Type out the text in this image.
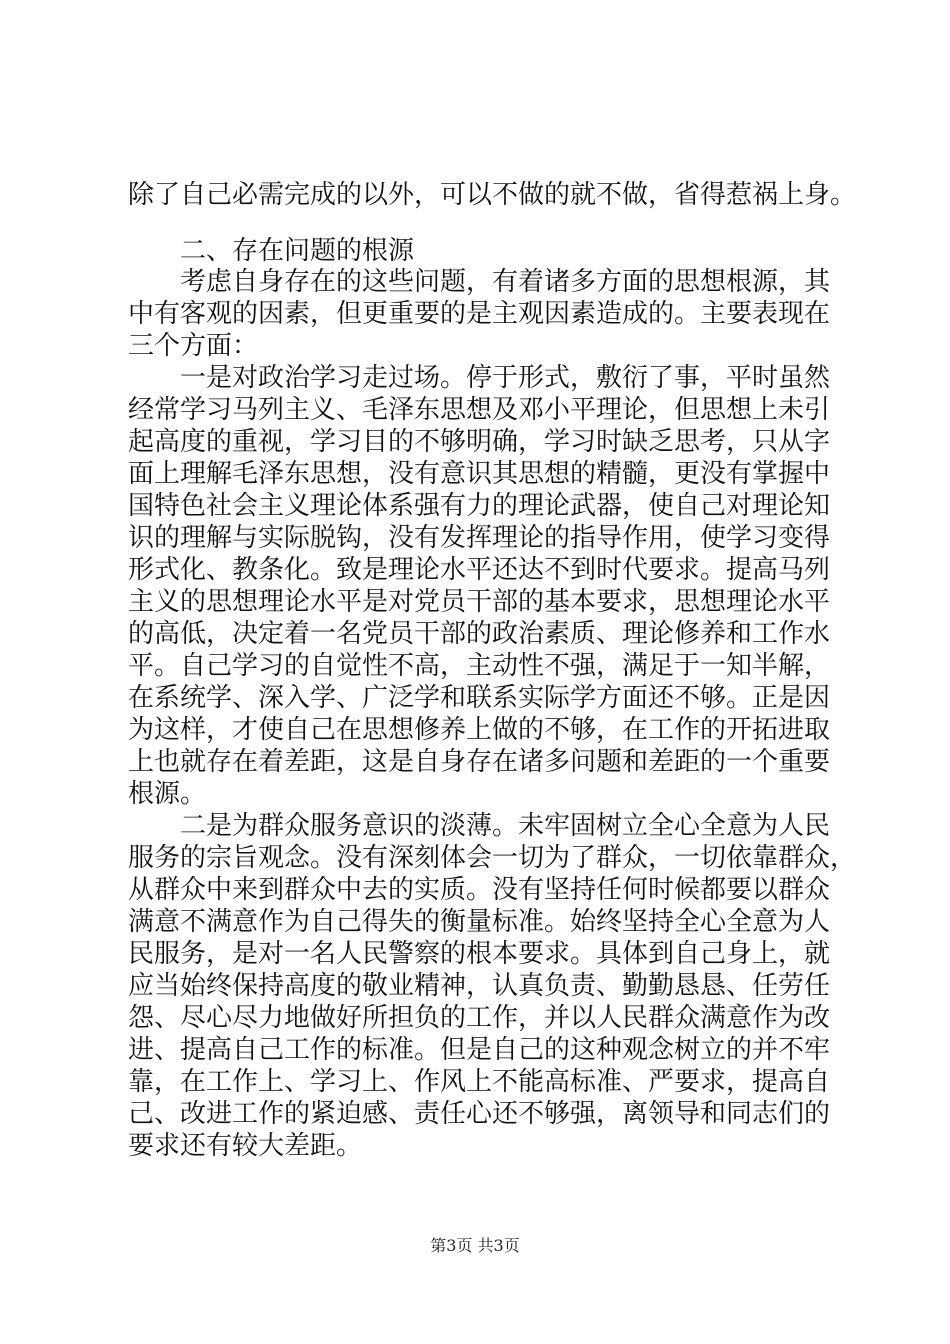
除了自己必需完成的以外，可以不做的就不做，省得惹祸上身。
二、存在问题的根源
考虑自身存在的这些问题，有着诸多方面的思想根源，其
中有客观的因素，但更重要的是主观因素造成的。主要表现在
三个方面：
一是对政治学习走过场。停于形式，敷衍了事，平时虽然
经常学习马列主义、毛泽东思想及邓小平理论，但思想上未引
起高度的重视，学习目的不够明确，学习时缺乏思考，只从字
面上理解毛泽东思想，没有意识其思想的精髓，更没有掌握中
国特色社会主义理论体系强有力的理论武器，使自己对理论知
识的理解与实际脱钩，没有发挥理论的指导作用，使学习变得
形式化、教条化。致是理论水平还达不到时代要求。提高马列
主义的思想理论水平是对党员干部的基本要求，思想理论水平
的高低，决定着一名党员干部的政治素质、理论修养和工作水
平。自己学习的自觉性不高，主动性不强，满足于一知半解，
在系统学、深入学、广泛学和联系实际学方面还不够。正是因
为这样，才使自己在思想修养上做的不够，在工作的开拓进取
上也就存在着差距，这是自身存在诸多问题和差距的一个重要
根源。
二是为群众服务意识的淡薄。未牢固树立全心全意为人民
服务的宗旨观念。没有深刻体会一切为了群众，一切依靠群众，
从群众中来到群众中去的实质。没有坚持任何时候都要以群众
满意不满意作为自己得失的衡量标准。始终坚持全心全意为人
民服务，是对一名人民警察的根本要求。具体到自己身上，就
应当始终保持高度的敬业精神，认真负责、勤勤恳恳、任劳任
怨、尽心尽力地做好所担负的工作，并以人民群众满意作为改
进、提高自己工作的标准。但是自己的这种观念树立的并不牢
靠，在工作上、学习上、作风上不能高标准、严要求，提高自
己、改进工作的紧迫感、责任心还不够强，离领导和同志们的
要求还有较大差距。
第3页 共3页
